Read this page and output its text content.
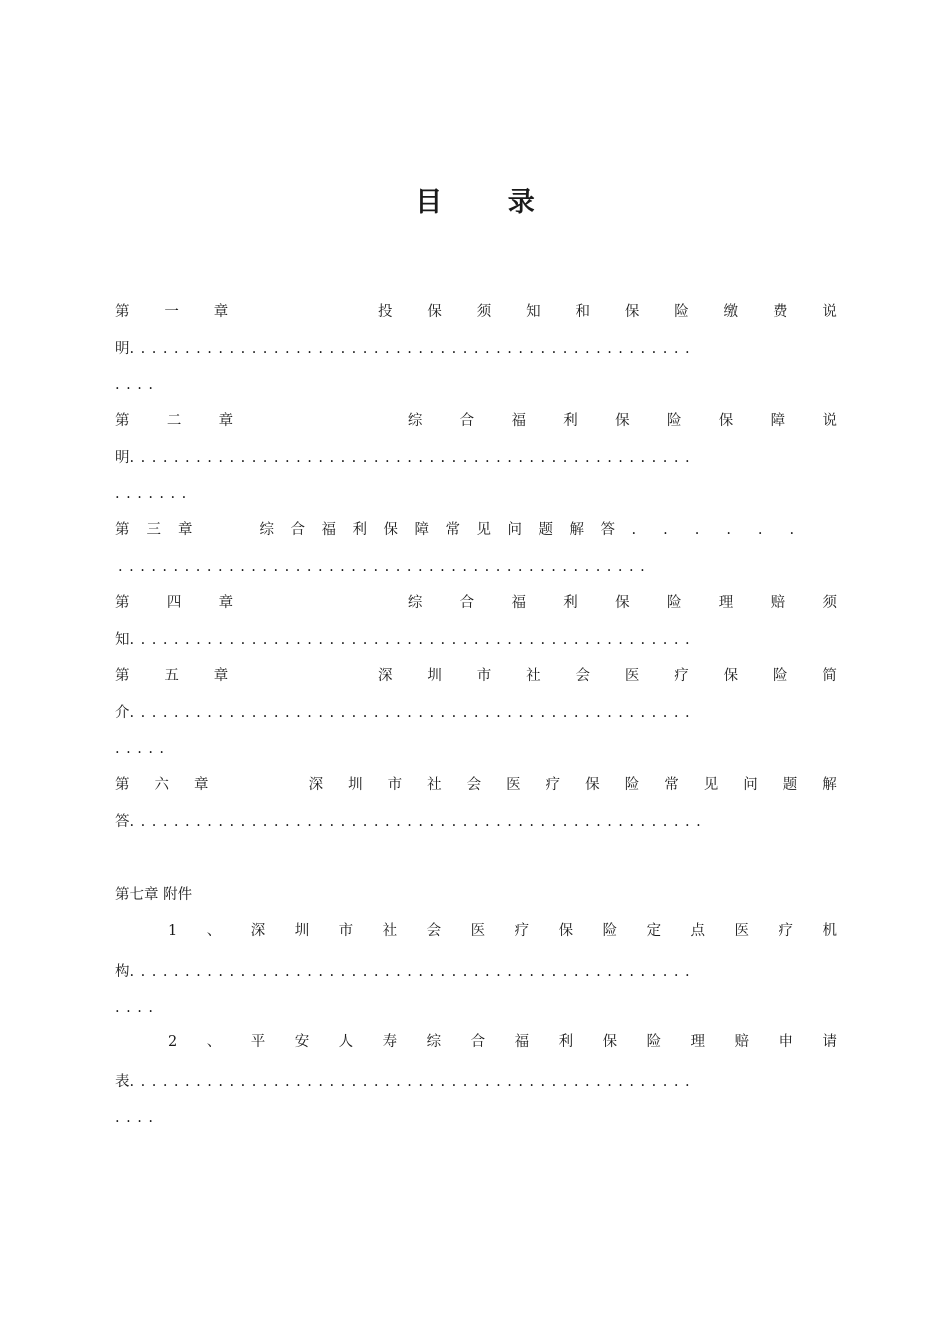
目 录
第 一 章	投 保 须 知 和 保 险 缴 费 说
明...................................................
....
第	二	章	综	合	福	利	保	险	保	障	说
明...................................................
.......
第三章	综合福利保障常见问题解答......
................................................
第	四	章	综	合	福	利	保	险	理	赔	须
知...................................................
第 五 章	深 圳 市 社 会 医 疗 保 险 简
介...................................................
.....
第 六 章	深 圳 市 社 会 医 疗 保 险 常 见 问 题 解
答....................................................
第七章 附件
1 、 深 圳 市 社 会 医 疗 保 险 定 点 医 疗 机
构...................................................
....
2 、 平 安 人 寿 综 合 福 利 保 险 理 赔 申 请
表...................................................
....
